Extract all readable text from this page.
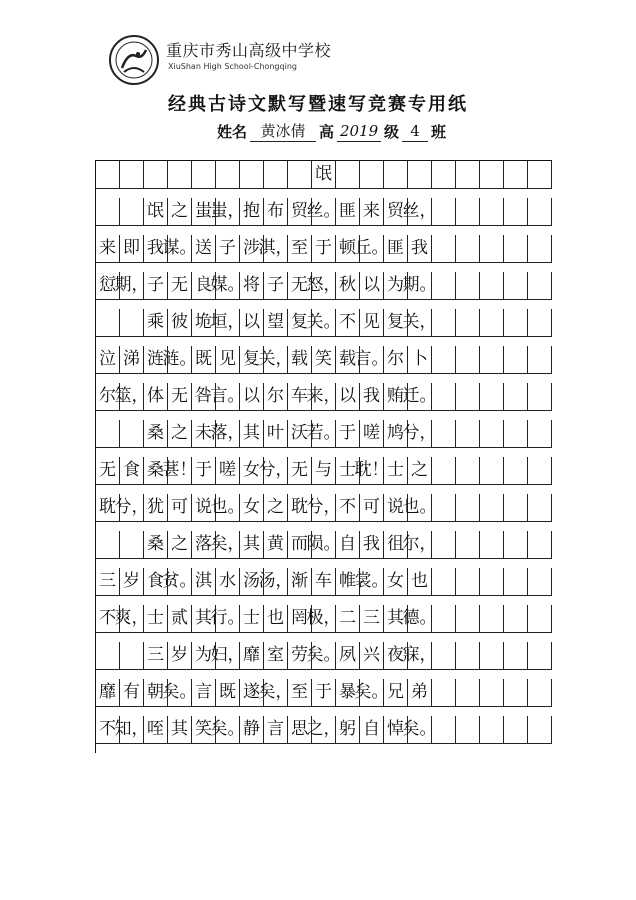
重庆市秀山高级中学校
XiuShan High School-Chongqing
经典古诗文默写暨速写竞赛专用纸
姓名 黄冰倩 高 2019 级 4 班
氓
氓 之 蚩
蚩，
抱 布 贸
丝。
匪 来 贸
丝，
来 即 我
谋。
送 子 涉
淇，
至 于 顿
丘。
匪 我
愆
期，
子 无 良
媒。
将 子 无
怒，
秋 以 为
期。
乘 彼 垝
垣，
以 望 复
关。
不 见 复
关，
泣 涕 涟
涟。
既 见 复
关，
载 笑 载
言。
尔 卜
尔
筮，
体 无 咎
言。
以 尔 车
来，
以 我 贿
迁。
桑 之 未
落，
其 叶 沃
若。
于 嗟 鸠
兮，
无 食 桑
葚！
于 嗟 女
兮，
无 与 士
耽！
士 之
耽
兮，
犹 可 说
也。
女 之 耽
兮，
不 可 说
也。
桑 之 落
矣，
其 黄 而
陨。
自 我 徂
尔，
三 岁 食
贫。
淇 水 汤
汤，
渐 车 帷
裳。
女 也
不
爽，
士 贰 其
行。
士 也 罔
极，
二 三 其
德。
三 岁 为
妇，
靡 室 劳
矣。
夙 兴 夜
寐，
靡 有 朝
矣。
言 既 遂
矣，
至 于 暴
矣。
兄 弟
不
知，
咥 其 笑
矣。
静 言 思
之，
躬 自 悼
矣。
